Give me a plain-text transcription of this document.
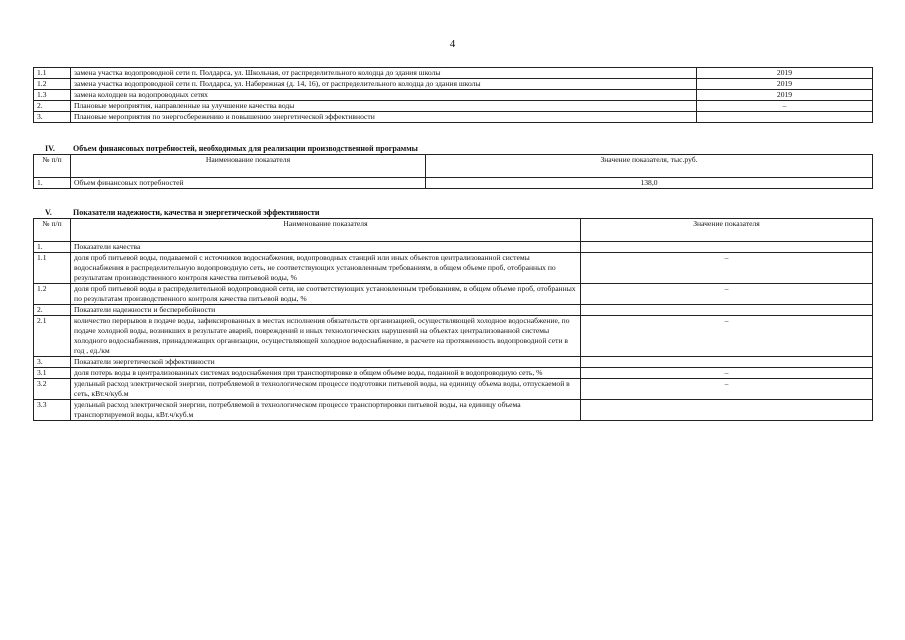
4
1.1	замена участка водопроводной сети п. Полдарса, ул. Школьная, от распределительного колодца до здания школы	2019
1.2	замена участка водопроводной сети п. Полдарса, ул. Набережная (д. 14, 16), от распределительного колодца до здания школы	2019
1.3	замена колодцев на водопроводных сетях	2019
2.	Плановые мероприятия, направленные на улучшение качества воды	–
3.	Плановые мероприятия по энергосбережению и повышению энергетической эффективности	
IV. Объем финансовых потребностей, необходимых для реализации производственной программы
№ п/п	Наименование показателя	Значение показателя, тыс.руб.
1.	Объем финансовых потребностей	138,0
V.	Показатели надежности, качества и энергетической эффективности
№ п/п	Наименование показателя	Значение показателя
1.	Показатели качества	
1.1	доля проб питьевой воды, подаваемой с источников водоснабжения, водопроводных станций или иных объектов централизованной системы водоснабжения в распределительную водопроводную сеть, не соответствующих установленным требованиям, в общем объеме проб, отобранных по результатам производственного контроля качества питьевой воды, %	–
1.2	доля проб питьевой воды в распределительной водопроводной сети, не соответствующих установленным требованиям, в общем объеме проб, отобранных по результатам производственного контроля качества питьевой воды, %	–
2.	Показатели надежности и бесперебойности	
2.1	количество перерывов в подаче воды, зафиксированных в местах исполнения обязательств организацией, осуществляющей холодное водоснабжение, по подаче холодной воды, возникших в результате аварий, повреждений и иных технологических нарушений на объектах централизованной системы холодного водоснабжения, принадлежащих организации, осуществляющей холодное водоснабжение, в расчете на протяженность водопроводной сети в год , ед./км	–
3.	Показатели энергетической эффективности	
3.1	доля потерь воды в централизованных системах водоснабжения при транспортировке в общем объеме воды, поданной в водопроводную сеть, %	–
3.2	удельный расход электрической энергии, потребляемой в технологическом процессе подготовки питьевой воды, на единицу объема воды, отпускаемой в сеть, кВт.ч/куб.м	–
3.3	удельный расход электрической энергии, потребляемой в технологическом процессе транспортировки питьевой воды, на единицу объема транспортируемой воды, кВт.ч/куб.м	
